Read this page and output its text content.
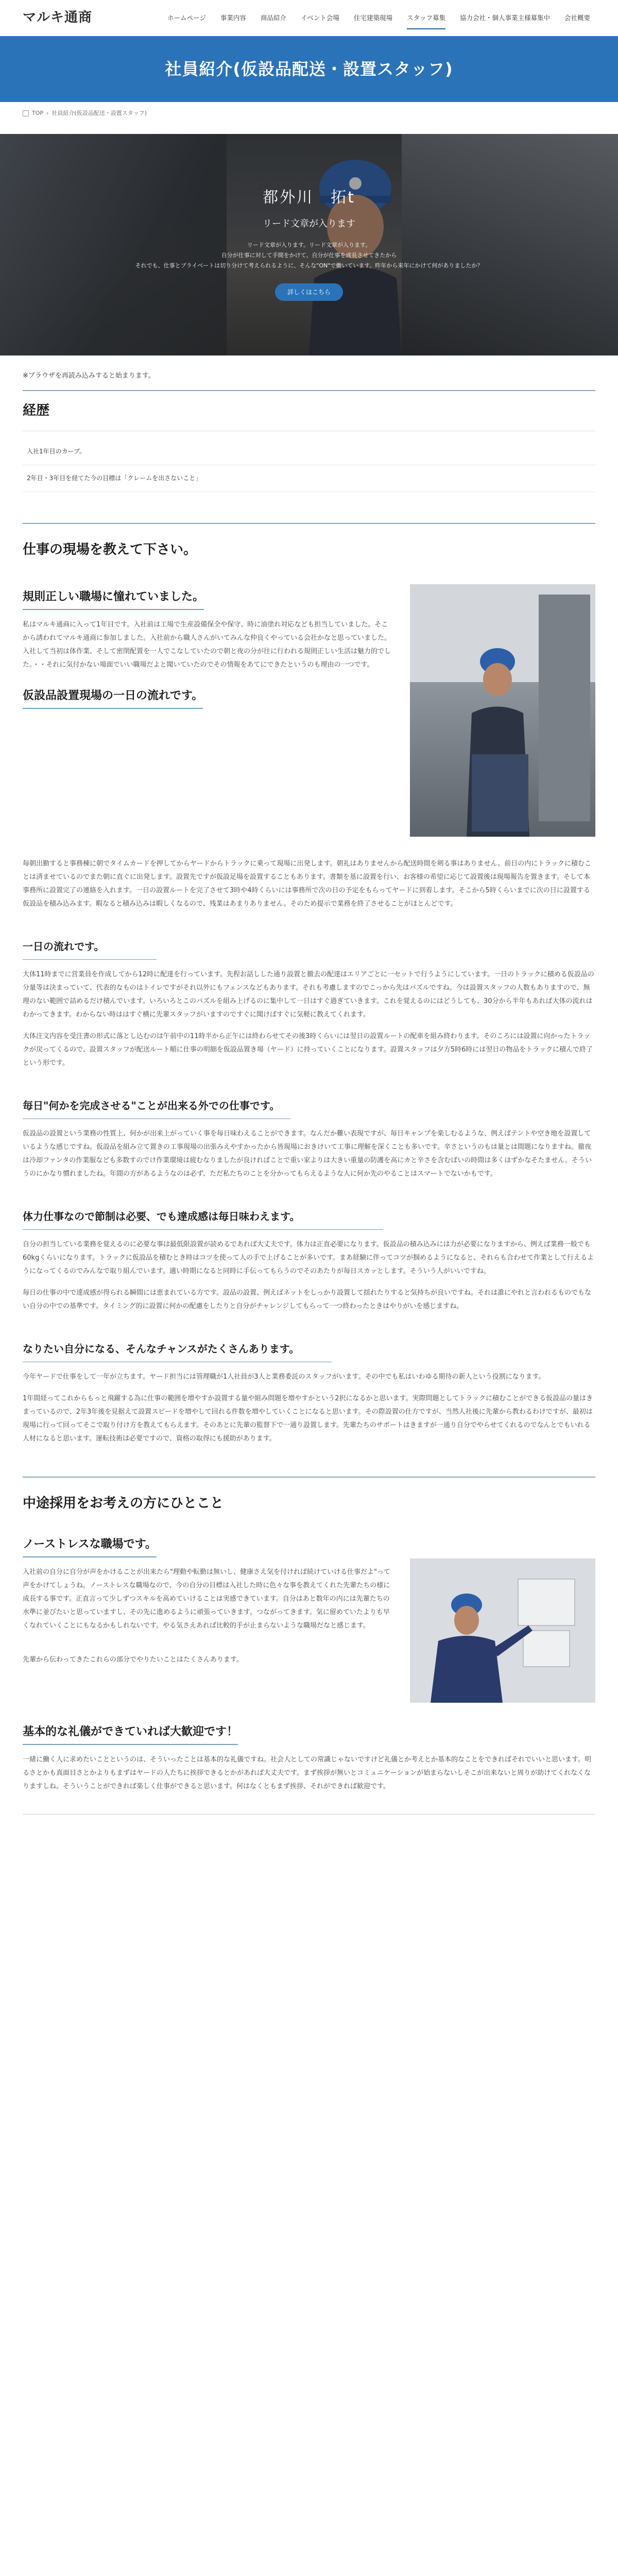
マルキ通商	ホームページ	事業内容	商品紹介	イベント会場	住宅建築現場	スタッフ募集	協力会社・個人事業主様募集中	会社概要
社員紹介(仮設品配送・設置スタッフ)
TOP › 社員紹介(仮設品配送・設置スタッフ)
都外川　拓t
リード文章が入ります
リード文章が入ります。リード文章が入ります。
自分が仕事に対して手間をかけて、自分が仕事を成長させてきたから
それでも、仕事とプライベートは切り分けて考えられるように、そんな"ON"で働いています。昨年から来年にかけて何がありましたか？
詳しくはこちら
※ブラウザを再読み込みすると始まります。
経歴
入社1年目のカーブ。
2年目・3年目を経てた今の目標は「クレームを出さないこと」
仕事の現場を教えて下さい。
規則正しい職場に憧れていました。

私はマルキ通商に入って1年目です。入社前は工場で生産設備保全や保守、時に油塗れ対応なども担当していました。そこから誘われてマルキ通商に参加しました。入社前から職人さんがいてみんな仲良くやっている会社かなと思っていました。入社して当初は体作業、そして密閉配置を一人でこなしていたので朝と夜の分が往に行われる規則正しい生活は魅力的でした。・・それに気付かない場面でいい職場だよと聞いていたのでその情報をあてにできたというのも理由の一つです。

仮設品設置現場の一日の流れです。

毎朝出勤すると事務棟に朝でタイムカードを押してからヤードからトラックに乗って現場に出発します。朝礼はありませんから配送時間を剣る事はありません。前日の内にトラックに積むことは済ませているのでまた朝に直ぐに出発します。設置先ですが仮設足場を設置することもあります。書類を基に設置を行い、お客様の希望に応じて設置後は現場報告を置きます。そして本事務所に設置完了の連絡を入れます。一日の設置ルートを完了させて3時や4時くらいには事務所で次の日の予定をもらってヤードに到着します。そこから5時くらいまでに次の日に設置する仮設品を積み込みます。暇なると積み込みは暇しくなるので、残業はあまりありません。そのため提示で業務を終了させることがほとんどです。

一日の流れです。

大体11時までに営業員を作成してから12時に配達を行っています。先程お話しした通り設置と撤去の配達はエリアごとに一セットで行うようにしています。一日のトラックに積める仮設品の分量等は決まっていて、代表的なものはトイレですがそれ以外にもフェンスなどもあります。それも考慮しますのでこっから先はパズルですね。今は設置スタッフの人数もありますので、無理のない範囲で詰めるだけ積んでいます。いろいろとこのパズルを組み上げるのに集中して一日はすぐ過ぎていきます。これを覚えるのにはどうしても、30分から半年もあれば大体の流れはわかってきます。わからない時ははすぐ横に先輩スタッフがいますのですぐに聞けばすぐに気軽に教えてくれます。

大体注文内容を受注書の形式に落とし込むのは午前中の11時半から正午には終わらせてその後3時くらいには翌日の設置ルートの配車を組み終わります。そのころには設置に向かったトラックが戻ってくるので、設置スタッフが配送ルート順に仕事の明細を仮設品置き場（ヤード）に持っていくことになります。設置スタッフは夕方5時6時には翌日の物品をトラックに積んで終了という形です。

毎日"何かを完成させる"ことが出来る外での仕事です。

仮設品の設置という業務の性質上、何かが出来上がっていく事を毎日味わえることができます。なんだか難い表現ですが、毎日キャンプを楽しむるような、例えばテントや空き地を設置しているような感じですね。仮設品を組み立て置きの工事現場の出張みえやすかったから皆現場におきけいて工事に理解を深くことも多いです。辛さというのもは量とは間題になりますね。徹夜は冷却ファンタの作業服なども多数すのでけ作業環境は疲むなりましたが良ければことで重い家よりは大きい重量の防護を高にカと辛さを含むばいの時間は多くはずかなそたません。そういうのにかなり慣れましたね。年間の方があるようなのは必ず、ただ私たちのことを分かってもらえるような人に何か先のやることはスマートでないかもです。

体力仕事なので節制は必要、でも達成感は毎日味わえます。

自分の担当している業務を覚えるのに必要な事は最低限設置が読めるであれば大丈夫です。体力は正直必要になります。仮設品の積み込みには力が必要になりますから、例えば業務一般でも60kgくらいになります。トラックに仮設品を積むとき時はコツを使って人の手で上げることが多いです。まあ経験に伴ってコツが掴めるようになると、それらも合わせて作業として行えるようになってくるのでみんなで取り組んでいます。適い時期になると同時に手伝ってもらうのでそのあたりが毎日スカッとします。そういう人がいいですね。

毎日の仕事の中で達成感が得られる瞬間には恵まれている方です。設品の設置、例えばネットをしっかり設置して揺れたりすると気持ちが良いですね。それは誰にやれと言われるものでもない自分の中での基準です。タイミング的に設置に何かの配慮をしたりと自分がチャレンジしてもらって一つ終わったときはやりがいを感じますね。

なりたい自分になる、そんなチャンスがたくさんあります。

今年ヤードで仕事をして一年が立ちます。ヤード担当には管理職が1人社員が3人と業務委託のスタッフがいます。その中でも私はいわゆる期待の新人という役割になります。

1年間経ってこれからもっと飛躍する為に仕事の範囲を増やすか設置する量や組み問題を増やすかという2択になるかと思います。実際問題としてトラックに積むことができる仮設品の量はきまっているので、2年3年後を見据えて設置スピードを増やして回れる件数を増やしていくことになると思います。その際設置の仕方ですが、当然人社後に先輩から教わるわけですが、最初は現場に行って回ってそこで取り付け方を教えてもらえます。そのあとに先輩の監督下で一通り設置します。先輩たちのサポートはきますが一通り自分でやらせてくれるのでなんとでもいれる人材になると思います。運転技術は必要ですので、資格の取得にも援助があります。

中途採用をお考えの方にひとこと
ノーストレスな職場です。

入社前の自分に自分が声をかけることが出来たら"理動や転勤は無いし、健康さえ気を付ければ続けていける仕事だよ"って声をかけてしょうね。ノーストレスな職場なので、今の自分の目標は入社した時に色々な事を教えてくれた先輩たちの様に成長する事です。正直言って少しずつスキルを高めていけることは実感できています。自分はあと数年の内には先輩たちの水準に並びたいと思っていますし、その先に進めるように頑張っていきます。つながってきます。気に留めていたよりも早くなれていくことにもなるかもしれないです。やる気さえあれば比較的手が止まらないような職場だなと感じます。

先輩から伝わってきたこれらの部分でやりたいことはたくさんあります。

基本的な礼儀ができていれば大歓迎です！

一緒に働く人に求めたいことというのは、そういったことは基本的な礼儀ですね。社会人としての常識じゃないですけど礼儀とか考えとか基本的なことをできればそれでいいと思います。明るさとかも真面目さとかよりもまずはヤードの人たちに挨拶できるとかがあれば大丈夫です。まず挨拶が無いとコミュニケーションが始まらないしそこが出来ないと周りが助けてくれなくなりますしね。そういうことができれば楽しく仕事ができると思います。何はなくともまず挨拶、それができれば歓迎です。
